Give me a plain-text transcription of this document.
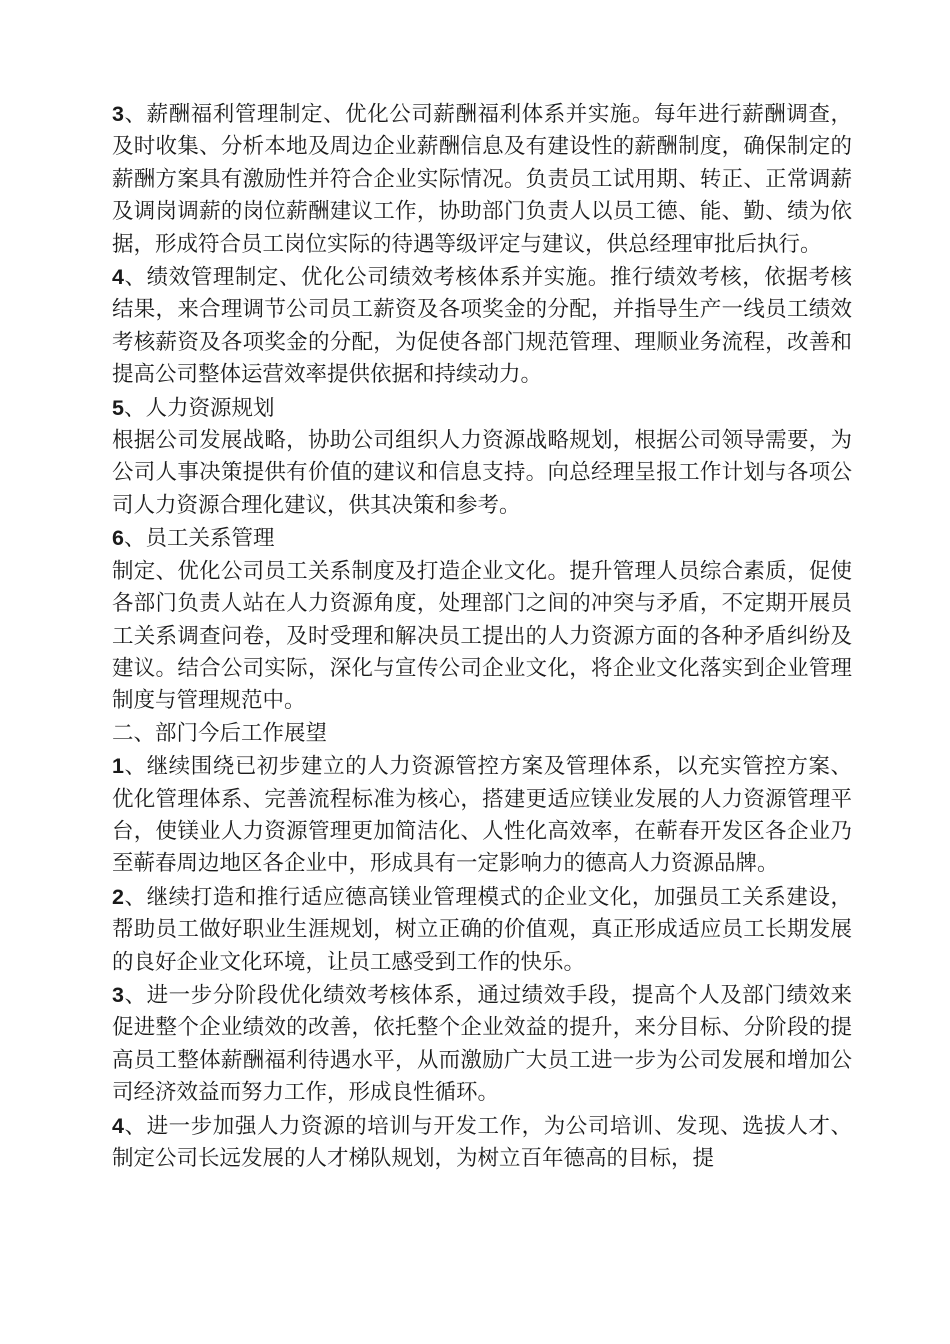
3、薪酬福利管理制定、优化公司薪酬福利体系并实施。每年进行薪酬调查，及时收集、分析本地及周边企业薪酬信息及有建设性的薪酬制度，确保制定的薪酬方案具有激励性并符合企业实际情况。负责员工试用期、转正、正常调薪及调岗调薪的岗位薪酬建议工作，协助部门负责人以员工德、能、勤、绩为依据，形成符合员工岗位实际的待遇等级评定与建议，供总经理审批后执行。

4、绩效管理制定、优化公司绩效考核体系并实施。推行绩效考核，依据考核结果，来合理调节公司员工薪资及各项奖金的分配，并指导生产一线员工绩效考核薪资及各项奖金的分配，为促使各部门规范管理、理顺业务流程，改善和提高公司整体运营效率提供依据和持续动力。

5、人力资源规划

根据公司发展战略，协助公司组织人力资源战略规划，根据公司领导需要，为公司人事决策提供有价值的建议和信息支持。向总经理呈报工作计划与各项公司人力资源合理化建议，供其决策和参考。

6、员工关系管理

制定、优化公司员工关系制度及打造企业文化。提升管理人员综合素质，促使各部门负责人站在人力资源角度，处理部门之间的冲突与矛盾，不定期开展员工关系调查问卷，及时受理和解决员工提出的人力资源方面的各种矛盾纠纷及建议。结合公司实际，深化与宣传公司企业文化，将企业文化落实到企业管理制度与管理规范中。

二、部门今后工作展望

1、继续围绕已初步建立的人力资源管控方案及管理体系，以充实管控方案、优化管理体系、完善流程标准为核心，搭建更适应镁业发展的人力资源管理平台，使镁业人力资源管理更加简洁化、人性化高效率，在蕲春开发区各企业乃至蕲春周边地区各企业中，形成具有一定影响力的德高人力资源品牌。

2、继续打造和推行适应德高镁业管理模式的企业文化，加强员工关系建设，帮助员工做好职业生涯规划，树立正确的价值观，真正形成适应员工长期发展的良好企业文化环境，让员工感受到工作的快乐。

3、进一步分阶段优化绩效考核体系，通过绩效手段，提高个人及部门绩效来促进整个企业绩效的改善，依托整个企业效益的提升，来分目标、分阶段的提高员工整体薪酬福利待遇水平，从而激励广大员工进一步为公司发展和增加公司经济效益而努力工作，形成良性循环。

4、进一步加强人力资源的培训与开发工作，为公司培训、发现、选拔人才、制定公司长远发展的人才梯队规划，为树立百年德高的目标，提
